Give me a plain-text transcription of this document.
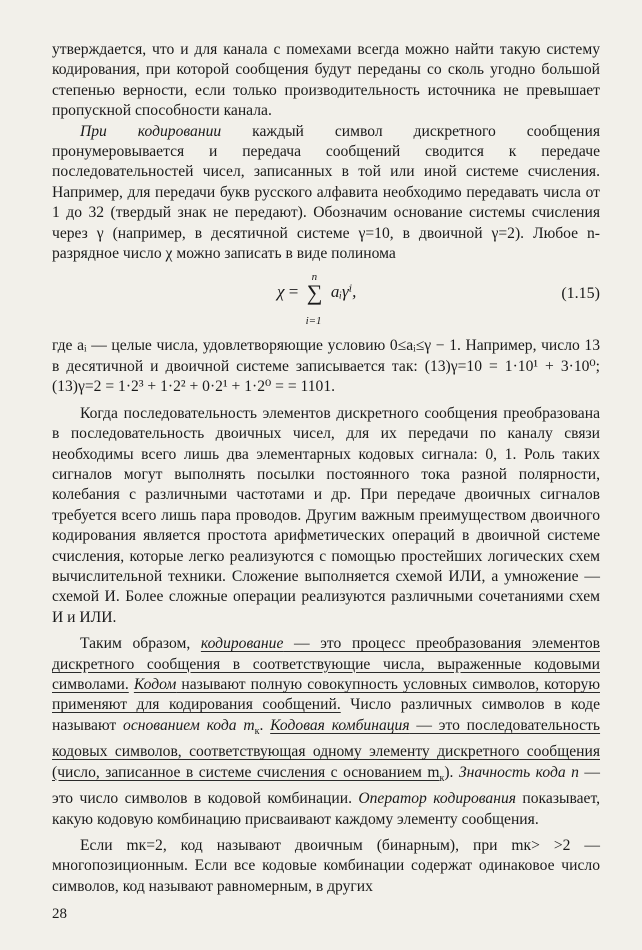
утверждается, что и для канала с помехами всегда можно найти такую систему кодирования, при которой сообщения будут переданы со сколь угодно большой степенью верности, если только производительность источника не превышает пропускной способности канала.

При кодировании каждый символ дискретного сообщения пронумеровывается и передача сообщений сводится к передаче последовательностей чисел, записанных в той или иной системе счисления. Например, для передачи букв русского алфавита необходимо передавать числа от 1 до 32 (твердый знак не передают). Обозначим основание системы счисления через γ (например, в десятичной системе γ=10, в двоичной γ=2). Любое n-разрядное число χ можно записать в виде полинома

χ =
n
∑
i=1
aᵢγⁱ,	(1.15)

где aᵢ — целые числа, удовлетворяющие условию 0≤aᵢ≤γ − 1. Например, число 13 в десятичной и двоичной системе записывается так: (13)γ=10 = 1·10¹ + 3·10⁰; (13)γ=2 = 1·2³ + 1·2² + 0·2¹ + 1·2⁰ = = 1101.

Когда последовательность элементов дискретного сообщения преобразована в последовательность двоичных чисел, для их передачи по каналу связи необходимы всего лишь два элементарных кодовых сигнала: 0, 1. Роль таких сигналов могут выполнять посылки постоянного тока разной полярности, колебания с различными частотами и др. При передаче двоичных сигналов требуется всего лишь пара проводов. Другим важным преимуществом двоичного кодирования является простота арифметических операций в двоичной системе счисления, которые легко реализуются с помощью простейших логических схем вычислительной техники. Сложение выполняется схемой ИЛИ, а умножение — схемой И. Более сложные операции реализуются различными сочетаниями схем И и ИЛИ.

Таким образом, кодирование — это процесс преобразования элементов дискретного сообщения в соответствующие числа, выраженные кодовыми символами. Кодом называют полную совокупность условных символов, которую применяют для кодирования сообщений. Число различных символов в коде называют основанием кода $m_к$. Кодовая комбинация — это последовательность кодовых символов, соответствующая одному элементу дискретного сообщения (число, записанное в системе счисления с основанием $m_к$). Значность кода n — это число символов в кодовой комбинации. Оператор кодирования показывает, какую кодовую комбинацию присваивают каждому элементу сообщения.

Если mк=2, код называют двоичным (бинарным), при mк> >2 — многопозиционным. Если все кодовые комбинации содержат одинаковое число символов, код называют равномерным, в других

28
